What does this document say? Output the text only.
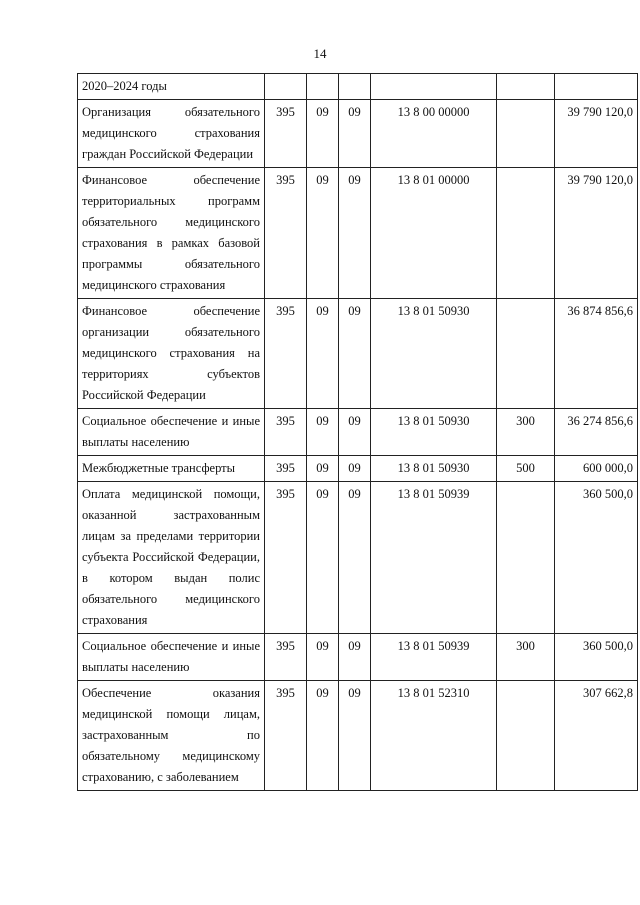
14
2020–2024 годы						
Организация обязательного медицинского страхования граждан Российской Федерации	395	09	09	13 8 00 00000		39 790 120,0
Финансовое обеспечение территориальных программ обязательного медицинского страхования в рамках базовой программы обязательного медицинского страхования	395	09	09	13 8 01 00000		39 790 120,0
Финансовое обеспечение организации обязательного медицинского страхования на территориях субъектов Российской Федерации	395	09	09	13 8 01 50930		36 874 856,6
Социальное обеспечение и иные выплаты населению	395	09	09	13 8 01 50930	300	36 274 856,6
Межбюджетные трансферты	395	09	09	13 8 01 50930	500	600 000,0
Оплата медицинской помощи, оказанной застрахованным лицам за пределами территории субъекта Российской Федерации, в котором выдан полис обязательного медицинского страхования	395	09	09	13 8 01 50939		360 500,0
Социальное обеспечение и иные выплаты населению	395	09	09	13 8 01 50939	300	360 500,0
Обеспечение оказания медицинской помощи лицам, застрахованным по обязательному медицинскому страхованию, с заболеванием	395	09	09	13 8 01 52310		307 662,8
